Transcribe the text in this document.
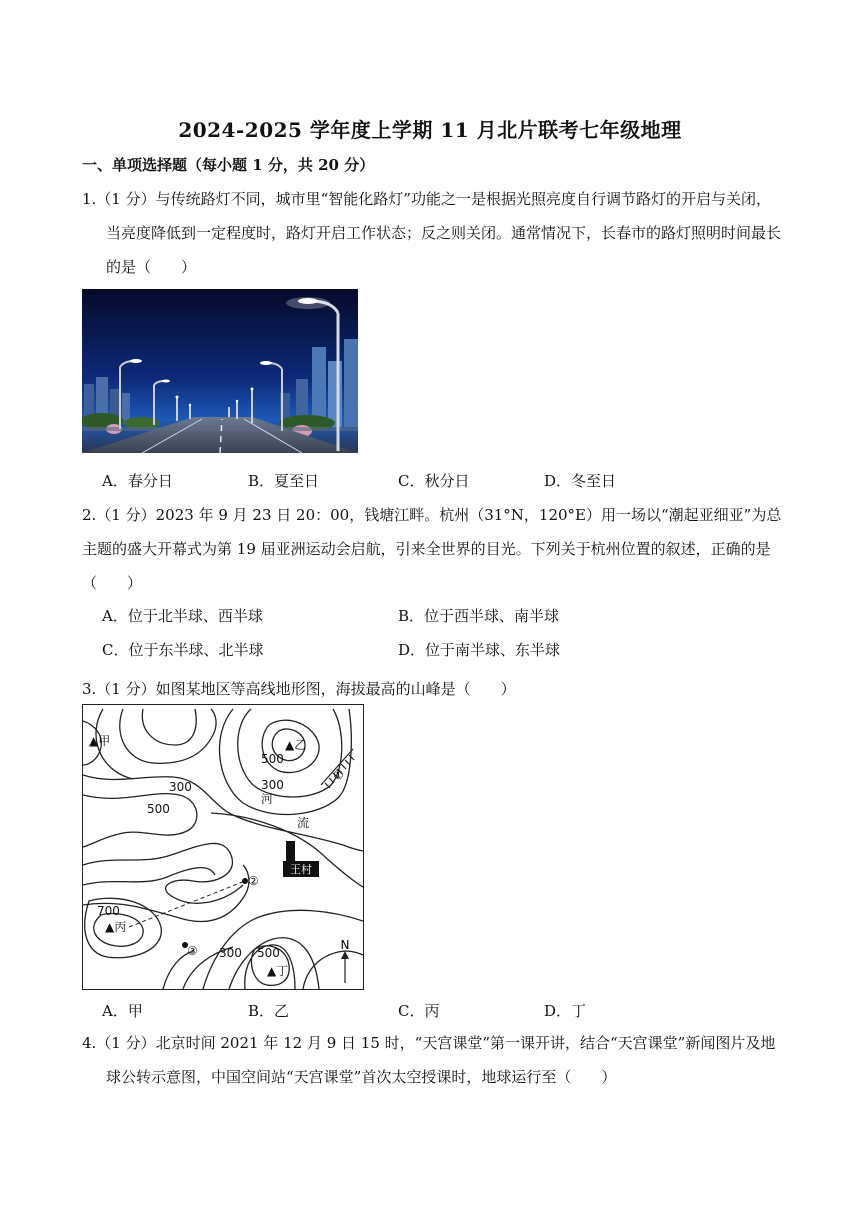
2024-2025 学年度上学期 11 月北片联考七年级地理
一、单项选择题（每小题 1 分，共 20 分）
1.（1 分）与传统路灯不同，城市里“智能化路灯”功能之一是根据光照亮度自行调节路灯的开启与关闭，
当亮度降低到一定程度时，路灯开启工作状态；反之则关闭。通常情况下，长春市的路灯照明时间最长
的是（　　）
A．春分日	B．夏至日	C．秋分日	D．冬至日
2.（1 分）2023 年 9 月 23 日 20：00，钱塘江畔。杭州（31°N，120°E）用一场以“潮起亚细亚”为总
主题的盛大开幕式为第 19 届亚洲运动会启航，引来全世界的目光。下列关于杭州位置的叙述，正确的是
（　　）
A．位于北半球、西半球	B．位于西半球、南半球
C．位于东半球、北半球	D．位于南半球、东半球
3.（1 分）如图某地区等高线地形图，海拔最高的山峰是（　　）
王村
N
▲甲	▲乙
500
300
河
300
500
流
700
▲丙
300 500
▲丁
①
②
③
A．甲	B．乙	C．丙	D．丁
4.（1 分）北京时间 2021 年 12 月 9 日 15 时，“天宫课堂”第一课开讲，结合“天宫课堂”新闻图片及地
球公转示意图，中国空间站“天宫课堂”首次太空授课时，地球运行至（　　）
